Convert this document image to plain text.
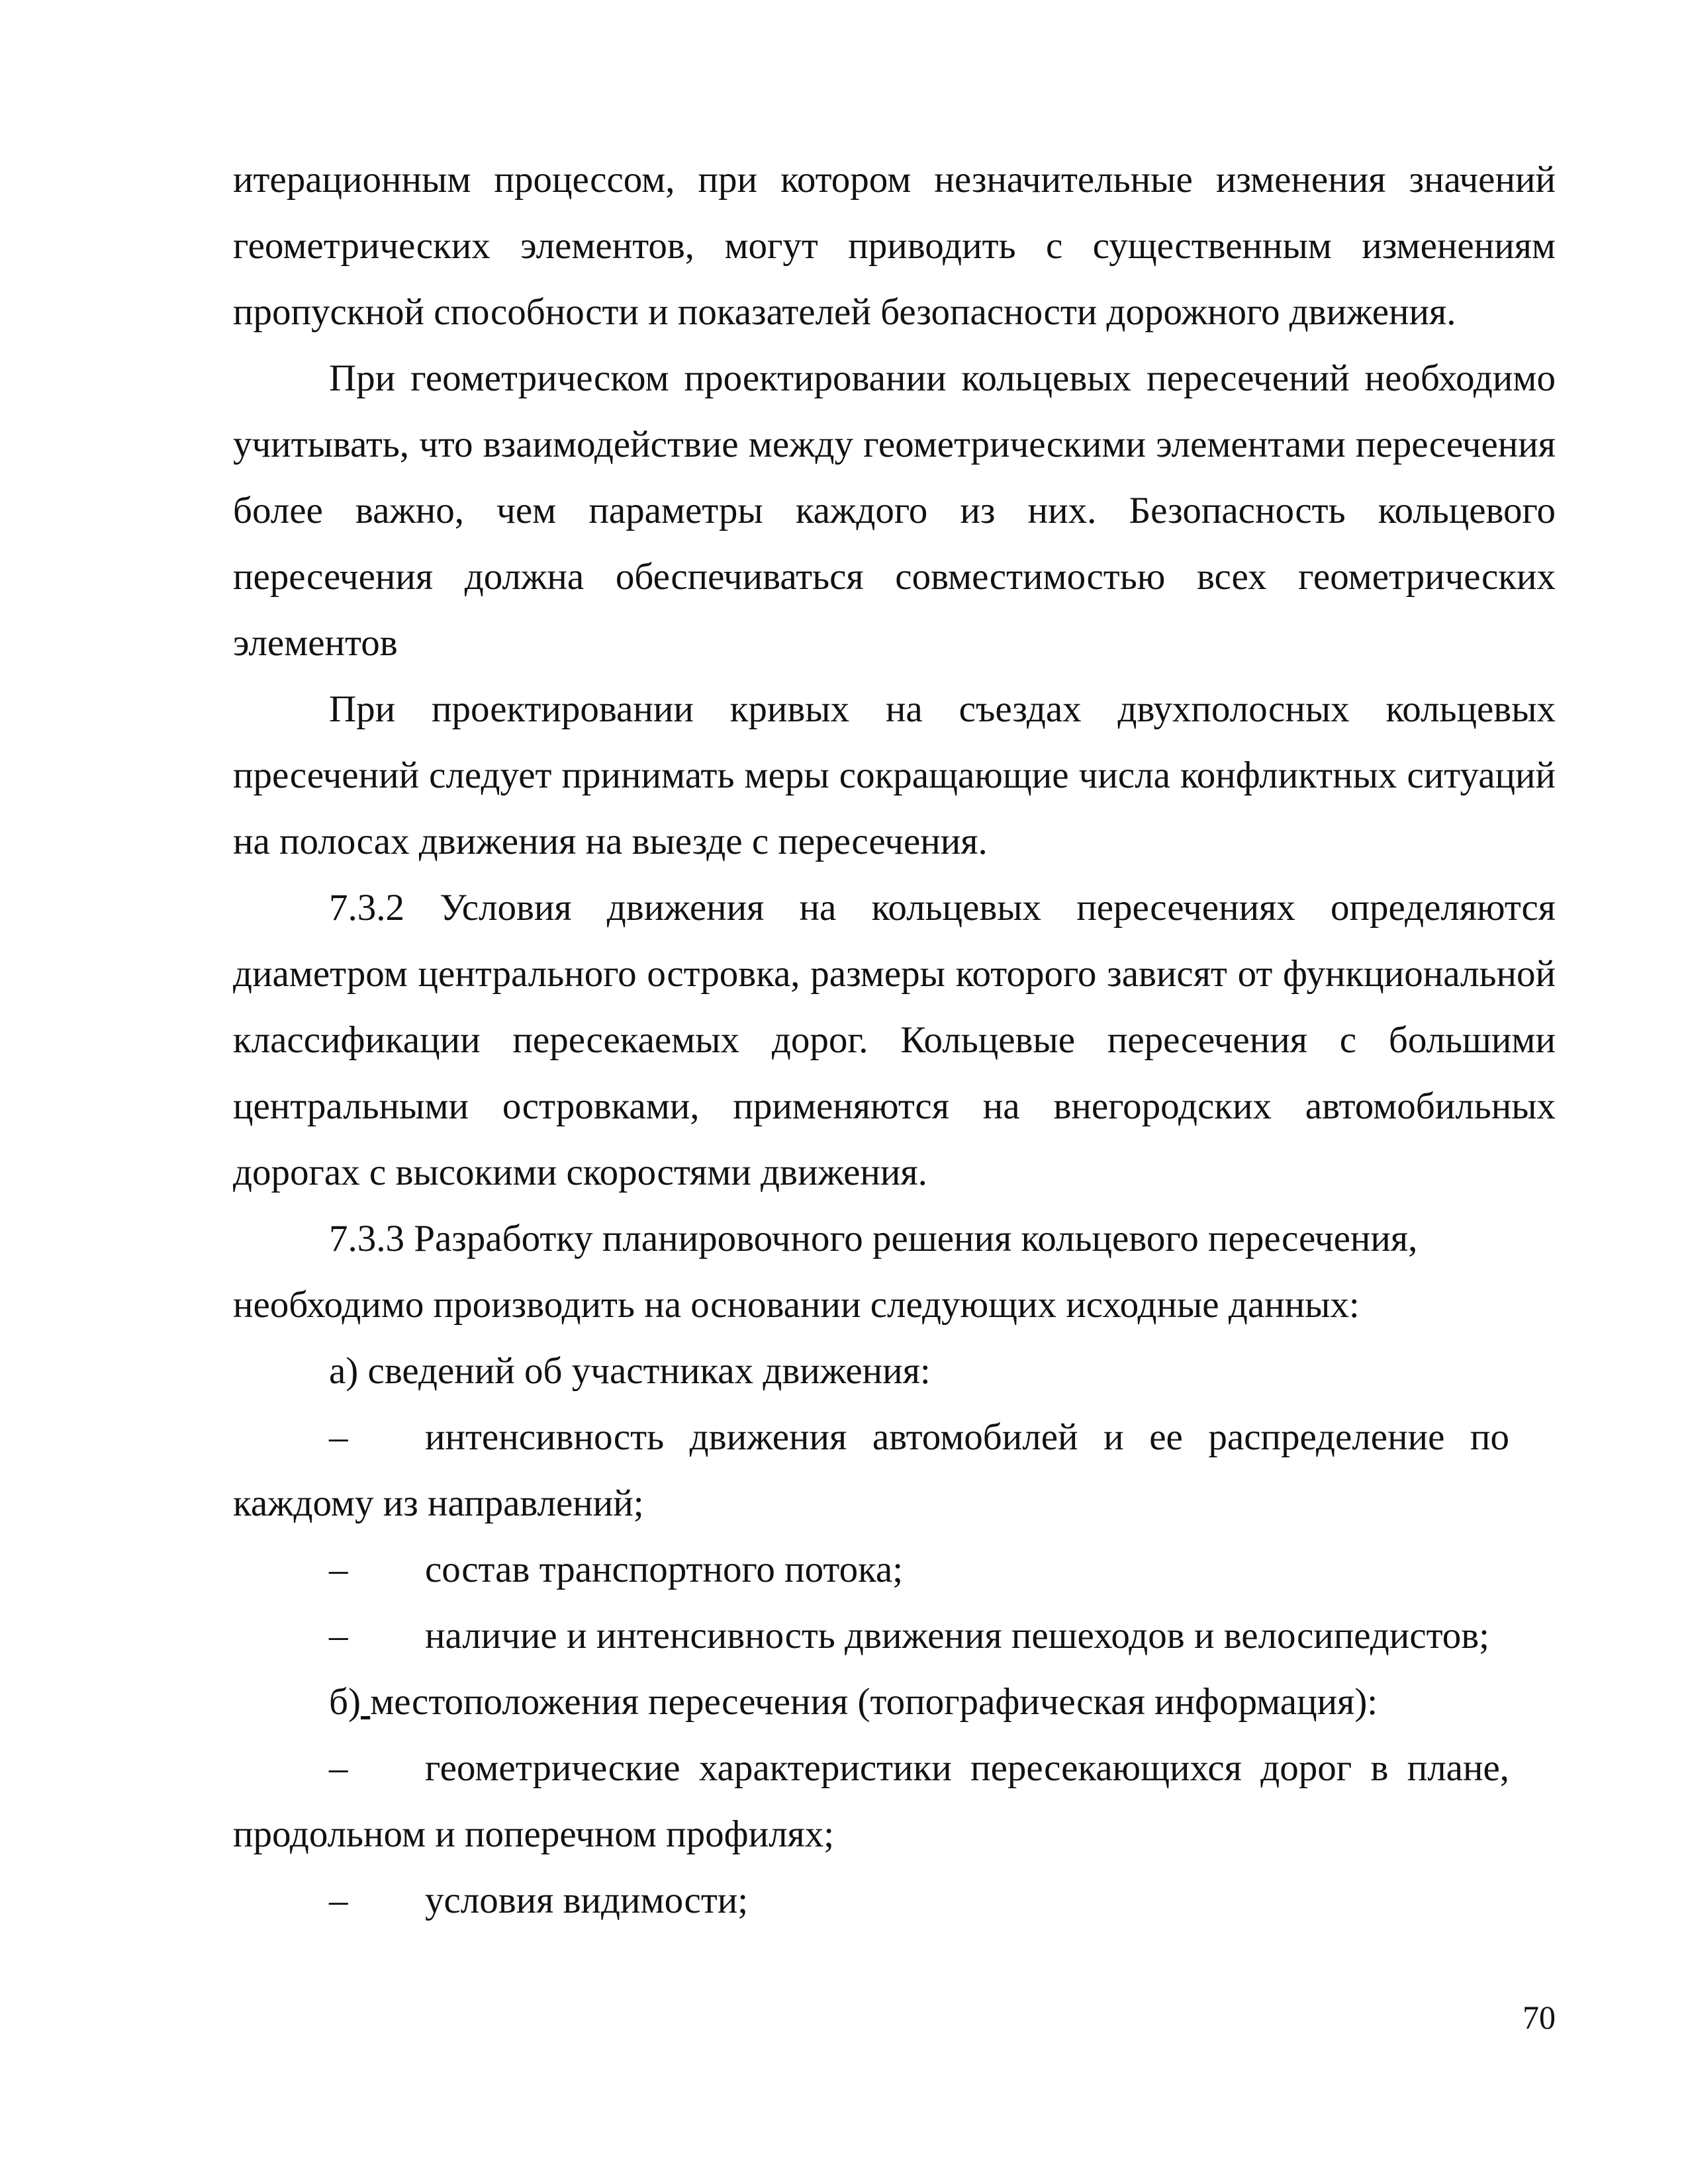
итерационным процессом, при котором незначительные изменения значений геометрических элементов, могут приводить с существенным изменениям пропускной способности и показателей безопасности дорожного движения.

При геометрическом проектировании кольцевых пересечений необходимо учитывать, что взаимодействие между геометрическими элементами пересечения более важно, чем параметры каждого из них. Безопасность кольцевого пересечения должна обеспечиваться совместимостью всех геометрических элементов

При проектировании кривых на съездах двухполосных кольцевых пресечений следует принимать меры сокращающие числа конфликтных ситуаций на полосах движения на выезде с пересечения.

7.3.2 Условия движения на кольцевых пересечениях определяются диаметром центрального островка, размеры которого зависят от функциональной классификации пересекаемых дорог. Кольцевые пересечения с большими центральными островками, применяются на внегородских автомобильных дорогах с высокими скоростями движения.

7.3.3 Разработку планировочного решения кольцевого пересечения, необходимо производить на основании следующих исходные данных:

а) сведений об участниках движения:

– интенсивность движения автомобилей и ее распределение по каждому из направлений;

– состав транспортного потока;

– наличие и интенсивность движения пешеходов и велосипедистов;

б) местоположения пересечения (топографическая информация):

– геометрические характеристики пересекающихся дорог в плане, продольном и поперечном профилях;

– условия видимости;

70
